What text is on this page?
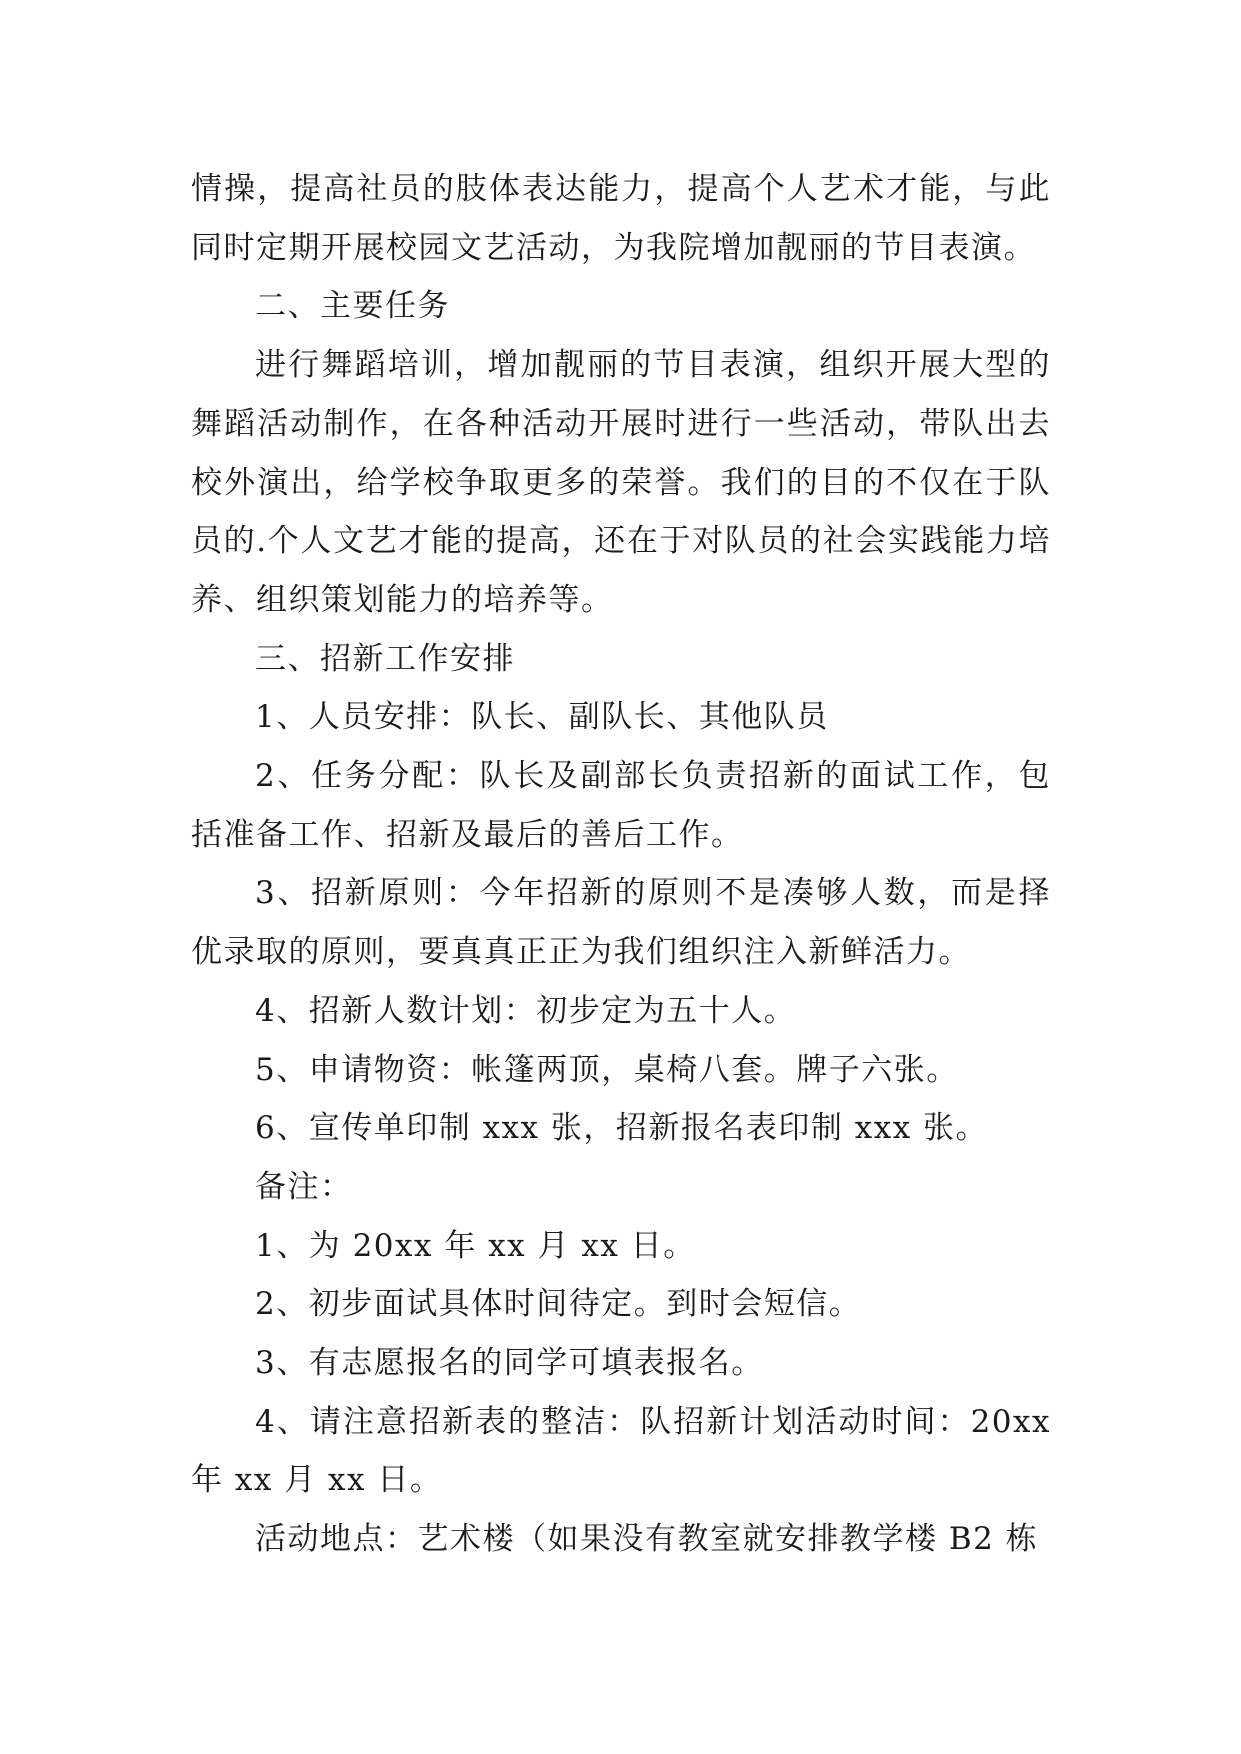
情操，提高社员的肢体表达能力，提高个人艺术才能，与此同时定期开展校园文艺活动，为我院增加靓丽的节目表演。

二、主要任务

进行舞蹈培训，增加靓丽的节目表演，组织开展大型的舞蹈活动制作，在各种活动开展时进行一些活动，带队出去校外演出，给学校争取更多的荣誉。我们的目的不仅在于队员的.个人文艺才能的提高，还在于对队员的社会实践能力培养、组织策划能力的培养等。

三、招新工作安排

1、人员安排：队长、副队长、其他队员

2、任务分配：队长及副部长负责招新的面试工作，包括准备工作、招新及最后的善后工作。

3、招新原则：今年招新的原则不是凑够人数，而是择优录取的原则，要真真正正为我们组织注入新鲜活力。

4、招新人数计划：初步定为五十人。

5、申请物资：帐篷两顶，桌椅八套。牌子六张。

6、宣传单印制 xxx 张，招新报名表印制 xxx 张。

备注：

1、为 20xx 年 xx 月 xx 日。

2、初步面试具体时间待定。到时会短信。

3、有志愿报名的同学可填表报名。

4、请注意招新表的整洁：队招新计划活动时间：20xx 年 xx 月 xx 日。

活动地点：艺术楼（如果没有教室就安排教学楼 B2 栋
